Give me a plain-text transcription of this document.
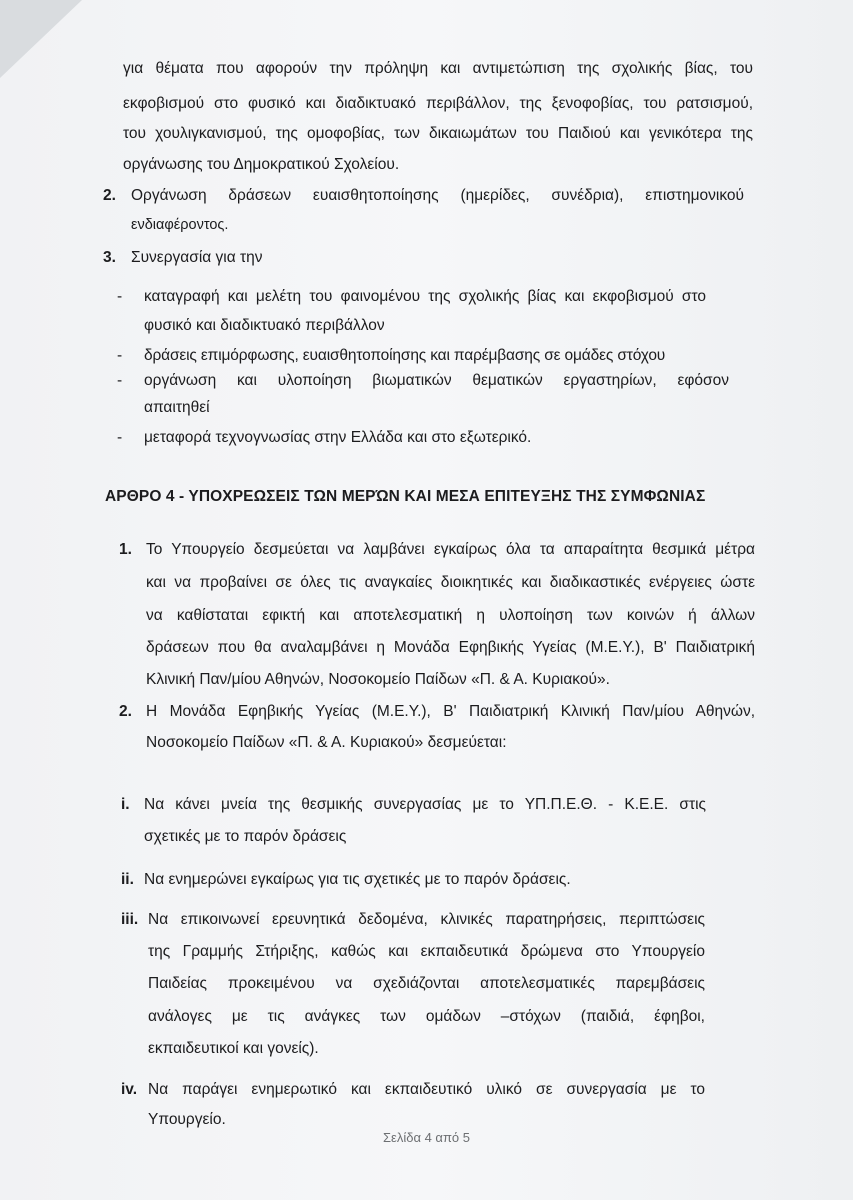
για θέματα που αφορούν την πρόληψη και αντιμετώπιση της σχολικής βίας, του
εκφοβισμού στο φυσικό και διαδικτυακό περιβάλλον, της ξενοφοβίας, του ρατσισμού,
του χουλιγκανισμού, της ομοφοβίας, των δικαιωμάτων του Παιδιού και γενικότερα της
οργάνωσης του Δημοκρατικού Σχολείου.
2. Οργάνωση δράσεων ευαισθητοποίησης (ημερίδες, συνέδρια), επιστημονικού
ενδιαφέροντος.
3. Συνεργασία για την
- καταγραφή και μελέτη του φαινομένου της σχολικής βίας και εκφοβισμού στο
φυσικό και διαδικτυακό περιβάλλον
- δράσεις επιμόρφωσης, ευαισθητοποίησης και παρέμβασης σε ομάδες στόχου
- οργάνωση και υλοποίηση βιωματικών θεματικών εργαστηρίων, εφόσον
απαιτηθεί
- μεταφορά τεχνογνωσίας στην Ελλάδα και στο εξωτερικό.
ΑΡΘΡΟ 4 - ΥΠΟΧΡΕΩΣΕΙΣ ΤΩΝ ΜΕΡΏΝ ΚΑΙ ΜΕΣΑ ΕΠΙΤΕΥΞΗΣ ΤΗΣ ΣΥΜΦΩΝΙΑΣ
1. Το Υπουργείο δεσμεύεται να λαμβάνει εγκαίρως όλα τα απαραίτητα θεσμικά μέτρα
και να προβαίνει σε όλες τις αναγκαίες διοικητικές και διαδικαστικές ενέργειες ώστε
να καθίσταται εφικτή και αποτελεσματική η υλοποίηση των κοινών ή άλλων
δράσεων που θα αναλαμβάνει η Μονάδα Εφηβικής Υγείας (Μ.Ε.Υ.), Β' Παιδιατρική
Κλινική Παν/μίου Αθηνών, Νοσοκομείο Παίδων «Π. & Α. Κυριακού».
2. Η Μονάδα Εφηβικής Υγείας (Μ.Ε.Υ.), Β' Παιδιατρική Κλινική Παν/μίου Αθηνών,
Νοσοκομείο Παίδων «Π. & Α. Κυριακού» δεσμεύεται:
i. Να κάνει μνεία της θεσμικής συνεργασίας με το ΥΠ.Π.Ε.Θ. - Κ.Ε.Ε. στις
σχετικές με το παρόν δράσεις
ii. Να ενημερώνει εγκαίρως για τις σχετικές με το παρόν δράσεις.
iii. Να επικοινωνεί ερευνητικά δεδομένα, κλινικές παρατηρήσεις, περιπτώσεις
της Γραμμής Στήριξης, καθώς και εκπαιδευτικά δρώμενα στο Υπουργείο
Παιδείας προκειμένου να σχεδιάζονται αποτελεσματικές παρεμβάσεις
ανάλογες με τις ανάγκες των ομάδων –στόχων (παιδιά, έφηβοι,
εκπαιδευτικοί και γονείς).
iv. Να παράγει ενημερωτικό και εκπαιδευτικό υλικό σε συνεργασία με το
Υπουργείο.
Σελίδα 4 από 5
